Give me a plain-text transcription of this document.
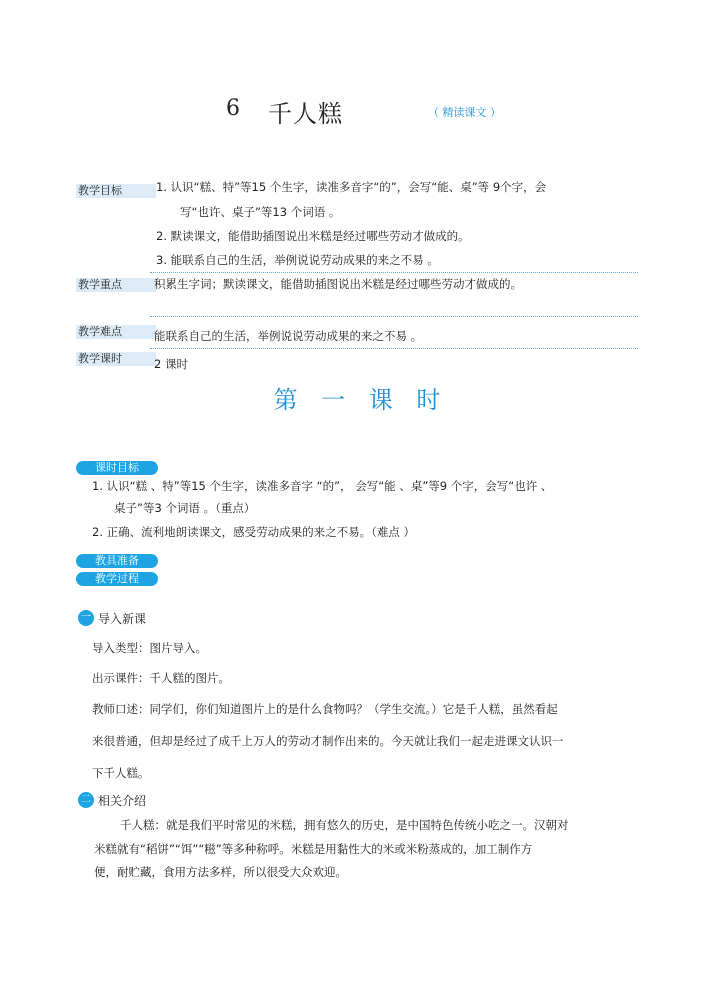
6 千人糕	（ 精读课文 ）
教学目标	1. 认识“糕、特”等15 个生字，读准多音字“的”，会写“能、桌”等 9个字，会
写“也许、桌子”等13 个词语 。
2. 默读课文，能借助插图说出米糕是经过哪些劳动才做成的。
3. 能联系自己的生活，举例说说劳动成果的来之不易 。
教学重点	积累生字词；默读课文，能借助插图说出米糕是经过哪些劳动才做成的。
教学难点	能联系自己的生活，举例说说劳动成果的来之不易 。
教学课时	2 课时
第 一 课 时
课时目标
1. 认识“糕 、特”等15 个生字，读准多音字 “的”， 会写“能 、桌”等9 个字，会写“也许 、
桌子”等3 个词语 。（重点）
2. 正确、流利地朗读课文，感受劳动成果的来之不易。（难点 ）
教具准备
教学过程
一 导入新课
导入类型：图片导入。
出示课件：千人糕的图片。
教师口述：同学们，你们知道图片上的是什么食物吗？（学生交流。）它是千人糕，虽然看起
来很普通，但却是经过了成千上万人的劳动才制作出来的。今天就让我们一起走进课文认识一
下千人糕。
二 相关介绍
千人糕：就是我们平时常见的米糕，拥有悠久的历史，是中国特色传统小吃之一。汉朝对
米糕就有“稻饼”“饵”“糍”等多种称呼。米糕是用黏性大的米或米粉蒸成的，加工制作方
便，耐贮藏，食用方法多样，所以很受大众欢迎。
